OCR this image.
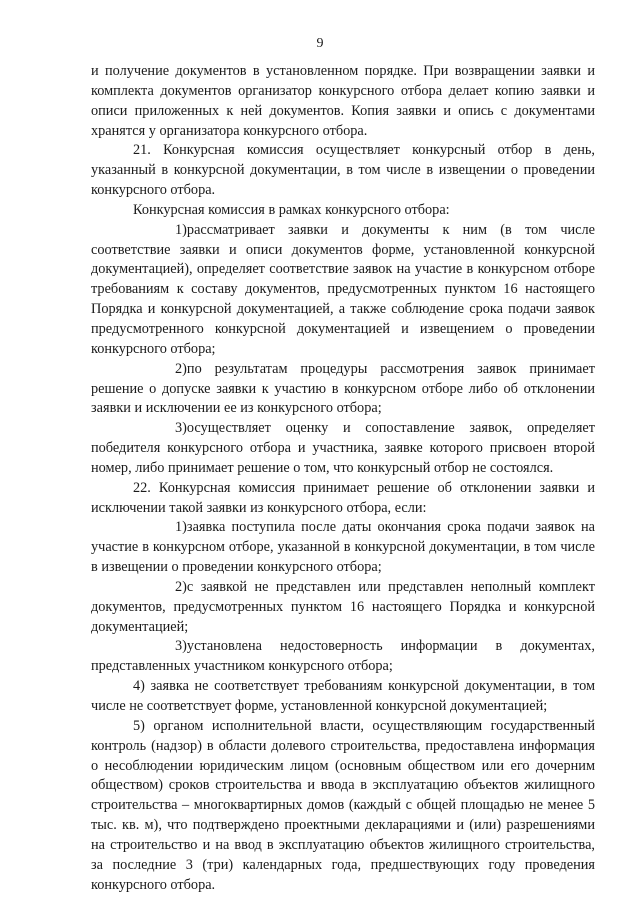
9

и получение документов в установленном порядке. При возвращении заявки и комплекта документов организатор конкурсного отбора делает копию заявки и описи приложенных к ней документов. Копия заявки и опись с документами хранятся у организатора конкурсного отбора.

21. Конкурсная комиссия осуществляет конкурсный отбор в день, указанный в конкурсной документации, в том числе в извещении о проведении конкурсного отбора.

Конкурсная комиссия в рамках конкурсного отбора:

1)рассматривает заявки и документы к ним (в том числе соответствие заявки и описи документов форме, установленной конкурсной документацией), определяет соответствие заявок на участие в конкурсном отборе требованиям к составу документов, предусмотренных пунктом 16 настоящего Порядка и конкурсной документацией, а также соблюдение срока подачи заявок предусмотренного конкурсной документацией и извещением о проведении конкурсного отбора;

2)по результатам процедуры рассмотрения заявок принимает решение о допуске заявки к участию в конкурсном отборе либо об отклонении заявки и исключении ее из конкурсного отбора;

3)осуществляет оценку и сопоставление заявок, определяет победителя конкурсного отбора и участника, заявке которого присвоен второй номер, либо принимает решение о том, что конкурсный отбор не состоялся.

22. Конкурсная комиссия принимает решение об отклонении заявки и исключении такой заявки из конкурсного отбора, если:

1)заявка поступила после даты окончания срока подачи заявок на участие в конкурсном отборе, указанной в конкурсной документации, в том числе в извещении о проведении конкурсного отбора;

2)с заявкой не представлен или представлен неполный комплект документов, предусмотренных пунктом 16 настоящего Порядка и конкурсной документацией;

3)установлена недостоверность информации в документах, представленных участником конкурсного отбора;

4) заявка не соответствует требованиям конкурсной документации, в том числе не соответствует форме, установленной конкурсной документацией;

5) органом исполнительной власти, осуществляющим государственный контроль (надзор) в области долевого строительства, предоставлена информация о несоблюдении юридическим лицом (основным обществом или его дочерним обществом) сроков строительства и ввода в эксплуатацию объектов жилищного строительства – многоквартирных домов (каждый с общей площадью не менее 5 тыс. кв. м), что подтверждено проектными декларациями и (или) разрешениями на строительство и на ввод в эксплуатацию объектов жилищного строительства, за последние 3 (три) календарных года, предшествующих году проведения конкурсного отбора.
